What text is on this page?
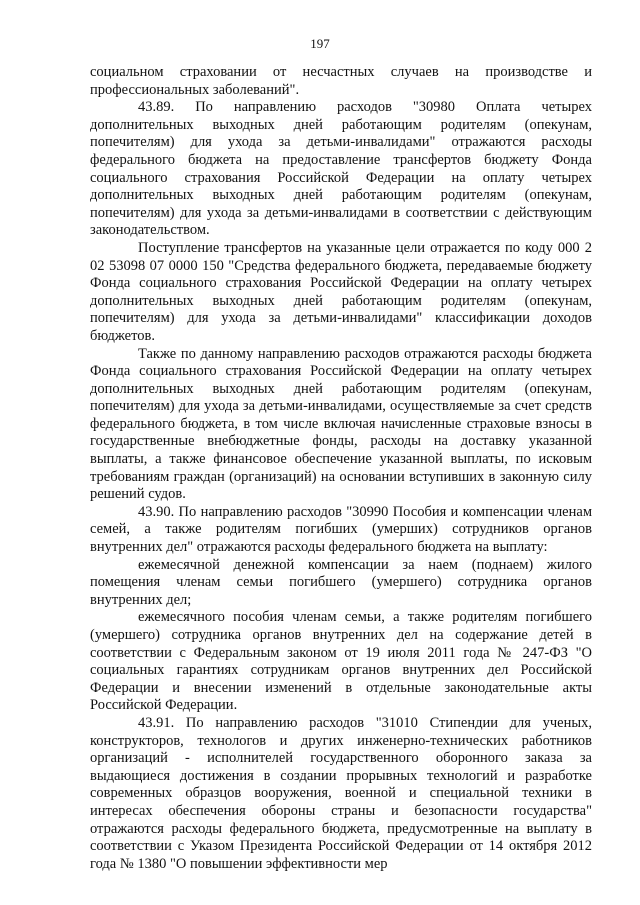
197

социальном страховании от несчастных случаев на производстве и профессиональных заболеваний".

43.89. По направлению расходов "30980 Оплата четырех дополнительных выходных дней работающим родителям (опекунам, попечителям) для ухода за детьми-инвалидами" отражаются расходы федерального бюджета на предоставление трансфертов бюджету Фонда социального страхования Российской Федерации на оплату четырех дополнительных выходных дней работающим родителям (опекунам, попечителям) для ухода за детьми-инвалидами в соответствии с действующим законодательством.

Поступление трансфертов на указанные цели отражается по коду 000 2 02 53098 07 0000 150 "Средства федерального бюджета, передаваемые бюджету Фонда социального страхования Российской Федерации на оплату четырех дополнительных выходных дней работающим родителям (опекунам, попечителям) для ухода за детьми-инвалидами" классификации доходов бюджетов.

Также по данному направлению расходов отражаются расходы бюджета Фонда социального страхования Российской Федерации на оплату четырех дополнительных выходных дней работающим родителям (опекунам, попечителям) для ухода за детьми-инвалидами, осуществляемые за счет средств федерального бюджета, в том числе включая начисленные страховые взносы в государственные внебюджетные фонды, расходы на доставку указанной выплаты, а также финансовое обеспечение указанной выплаты, по исковым требованиям граждан (организаций) на основании вступивших в законную силу решений судов.

43.90. По направлению расходов "30990 Пособия и компенсации членам семей, а также родителям погибших (умерших) сотрудников органов внутренних дел" отражаются расходы федерального бюджета на выплату:

ежемесячной денежной компенсации за наем (поднаем) жилого помещения членам семьи погибшего (умершего) сотрудника органов внутренних дел;

ежемесячного пособия членам семьи, а также родителям погибшего (умершего) сотрудника органов внутренних дел на содержание детей в соответствии с Федеральным законом от 19 июля 2011 года № 247-ФЗ "О социальных гарантиях сотрудникам органов внутренних дел Российской Федерации и внесении изменений в отдельные законодательные акты Российской Федерации.

43.91. По направлению расходов "31010 Стипендии для ученых, конструкторов, технологов и других инженерно-технических работников организаций - исполнителей государственного оборонного заказа за выдающиеся достижения в создании прорывных технологий и разработке современных образцов вооружения, военной и специальной техники в интересах обеспечения обороны страны и безопасности государства" отражаются расходы федерального бюджета, предусмотренные на выплату в соответствии с Указом Президента Российской Федерации от 14 октября 2012 года № 1380 "О повышении эффективности мер
